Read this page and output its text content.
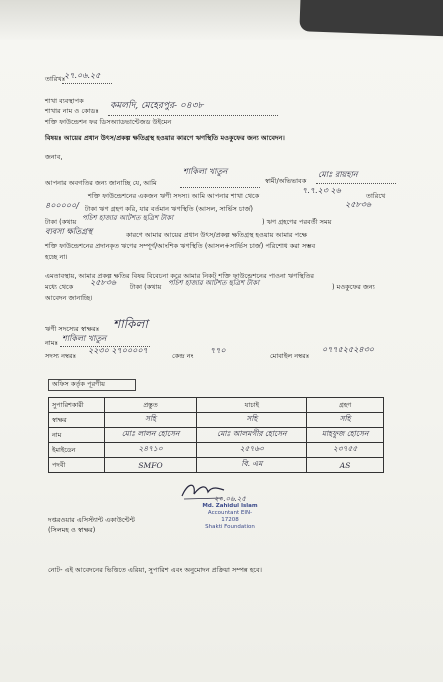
তারিখঃ
২৭.০৬.২৫
শাখা ব্যবস্থাপক
শাখার নাম ও কোডঃ কমলদি, মেহেরপুর- ০৪৩৮
শক্তি ফাউন্ডেশন ফর ডিসঅ্যাডভান্টেজড উইমেন
বিষয়ঃ আয়ের প্রধান উৎস/প্রকল্প ক্ষতিগ্রস্থ হওয়ার কারণে ঋণস্থিতি মওকুফের জন্য আবেদন।
জনাব,
আপনার অবগতির জন্য জানাচ্ছি যে, আমি
শাকিলা খাতুন
স্বামী/অভিভাবক
মোঃ রায়হান
শক্তি ফাউন্ডেশনের একজন ঋণী সদস্য। আমি আপনার শাখা থেকে
৭.৭.২৩ ২৬
তারিখে
৪০০০০০/ টাকা ঋণ গ্রহণ করি, যার বর্তমান ঋণস্থিতি (আসল, সার্ভিস চার্জ)	২৫৮৩৬
টাকা (কথায় পচিশ হাজার আটশত ছত্রিশ টাকা	) ঋণ গ্রহণের পরবর্তী সময়
ব্যবসা ক্ষতিগ্রস্থ	কারণে আমার আয়ের প্রধান উৎস/প্রকল্প ক্ষতিগ্রস্থ হওয়ায় আমার পক্ষে
শক্তি ফাউন্ডেশনের প্রদানকৃত ঋণের সম্পূর্ণ/আংশিক ঋণস্থিতি (আসল+সার্ভিস চার্জ) পরিশোধ করা সম্ভব
হচ্ছে না।
এমতাবস্থায়, আমার প্রকল্প ক্ষতির বিষয় বিবেচনা করে আমার নিকট শক্তি ফাউন্ডেশনের পাওনা ঋণস্থিতির
মধ্যে থেকে ২৫৮৩৬ টাকা (কথায় পচিশ হাজার আটশত ছত্রিশ টাকা	) মওকুফের জন্য
আবেদন জানাচ্ছি।
ঋণী সদস্যের স্বাক্ষরঃ শাকিলা
নামঃ শাকিলা খাতুন
সদস্য নম্বরঃ
২২৩০ ২৭০০০০৭
কেন্দ্র নং
৭৭০
মোবাইল নম্বরঃ
০৭৭৫২৫২৪৩০
অফিস কর্তৃক পূরণীয়
সুপারিশকারী	প্রস্তুত	যাচাই	গ্রহণ
স্বাক্ষর	সহি	সহি	সহি
নাম	মোঃ লালন হোসেন	মোঃ আলমগীর হোসেন	মাহফুজ হোসেন
ইমাইডেন	২৪৭১০	২৫৭৬০	২৩৭৫৫
পদবী	SMFO	বি. এম	AS
দপ্তরওয়ার এসিস্ট্যান্ট একাউন্টেন্ট
(সিলমহ ও স্বাক্ষর)
২০.০৬.২৫
Md. Zahidul Islam
Accountant EIN-17208
Shakti Foundation
নোট- এই আবেদনের ভিত্তিতে এরিয়া, সুপারিশ এবং অনুমোদন প্রক্রিয়া সম্পন্ন হবে।
